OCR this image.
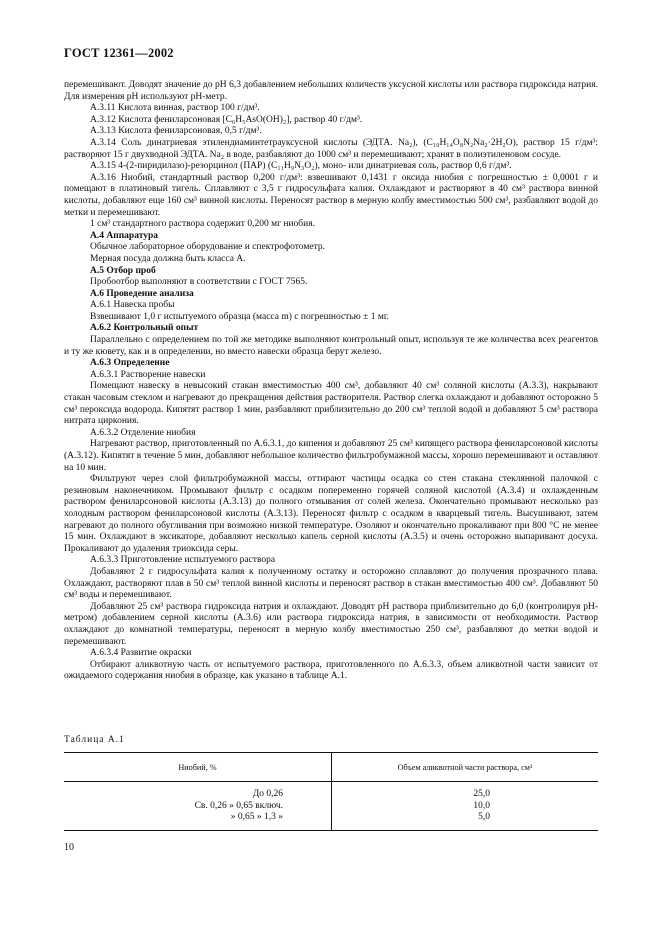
ГОСТ 12361—2002

перемешивают. Доводят значение до pH 6,3 добавлением небольших количеств уксусной кислоты или раствора гидроксида натрия. Для измерения pH используют pH-метр.

А.3.11 Кислота винная, раствор 100 г/дм³.

А.3.12 Кислота фениларсоновая [C₆H₅AsO(OH)₂], раствор 40 г/дм³.

А.3.13 Кислота фениларсоновая, 0,5 г/дм³.

А.3.14 Соль динатриевая этилендиаминтетрауксусной кислоты (ЭДТА. Na₂), (C₁₀H₁₄O₈N₂Na₂·2H₂O), раствор 15 г/дм³: растворяют 15 г двухводной ЭДТА. Na₂ в воде, разбавляют до 1000 см³ и перемешивают; хранят в полиэтиленовом сосуде.

А.3.15 4-(2-пиридилазо)-резорцинол (ПАР) (C₁₁H₉N₃O₂), моно- или динатриевая соль, раствор 0,6 г/дм³.

А.3.16 Ниобий, стандартный раствор 0,200 г/дм³: взвешивают 0,1431 г оксида ниобия с погрешностью ± 0,0001 г и помещают в платиновый тигель. Сплавляют с 3,5 г гидросульфата калия. Охлаждают и растворяют в 40 см³ раствора винной кислоты, добавляют еще 160 см³ винной кислоты. Переносят раствор в мерную колбу вместимостью 500 см³, разбавляют водой до метки и перемешивают.

1 см³ стандартного раствора содержит 0,200 мг ниобия.

А.4 Аппаратура

Обычное лабораторное оборудование и спектрофотометр.

Мерная посуда должна быть класса А.

А.5 Отбор проб

Пробоотбор выполняют в соответствии с ГОСТ 7565.

А.6 Проведение анализа

А.6.1 Навеска пробы

Взвешивают 1,0 г испытуемого образца (масса m) с погрешностью ± 1 мг.

А.6.2 Контрольный опыт

Параллельно с определением по той же методике выполняют контрольный опыт, используя те же количества всех реагентов и ту же кювету, как и в определении, но вместо навески образца берут железо.

А.6.3 Определение

А.6.3.1 Растворение навески

Помещают навеску в невысокий стакан вместимостью 400 см³, добавляют 40 см³ соляной кислоты (А.3.3), накрывают стакан часовым стеклом и нагревают до прекращения действия растворителя. Раствор слегка охлаждают и добавляют осторожно 5 см³ пероксида водорода. Кипятят раствор 1 мин, разбавляют приблизительно до 200 см³ теплой водой и добавляют 5 см³ раствора нитрата циркония.

А.6.3.2 Отделение ниобия

Нагревают раствор, приготовленный по А.6.3.1, до кипения и добавляют 25 см³ кипящего раствора фениларсоновой кислоты (А.3.12). Кипятят в течение 5 мин, добавляют небольшое количество фильтробумажной массы, хорошо перемешивают и оставляют на 10 мин.

Фильтруют через слой фильтробумажной массы, оттирают частицы осадка со стен стакана стеклянной палочкой с резиновым наконечником. Промывают фильтр с осадком попеременно горячей соляной кислотой (А.3.4) и охлажденным раствором фениларсоновой кислоты (А.3.13) до полного отмывания от солей железа. Окончательно промывают несколько раз холодным раствором фениларсоновой кислоты (А.3.13). Переносят фильтр с осадком в кварцевый тигель. Высушивают, затем нагревают до полного обугливания при возможно низкой температуре. Озоляют и окончательно прокаливают при 800 °С не менее 15 мин. Охлаждают в эксикаторе, добавляют несколько капель серной кислоты (А.3.5) и очень осторожно выпаривают досуха. Прокаливают до удаления триоксида серы.

А.6.3.3 Приготовление испытуемого раствора

Добавляют 2 г гидросульфата калия к полученному остатку и осторожно сплавляют до получения прозрачного плава. Охлаждают, растворяют плав в 50 см³ теплой винной кислоты и переносят раствор в стакан вместимостью 400 см³. Добавляют 50 см³ воды и перемешивают.

Добавляют 25 см³ раствора гидроксида натрия и охлаждают. Доводят pH раствора приблизительно до 6,0 (контролируя pH-метром) добавлением серной кислоты (А.3.6) или раствора гидроксида натрия, в зависимости от необходимости. Раствор охлаждают до комнатной температуры, переносят в мерную колбу вместимостью 250 см³, разбавляют до метки водой и перемешивают.

А.6.3.4 Развитие окраски

Отбирают аликвотную часть от испытуемого раствора, приготовленного по А.6.3.3, объем аликвотной части зависит от ожидаемого содержания ниобия в образце, как указано в таблице А.1.

Таблица А.1
Ниобий, %	Объем аликвотной части раствора, см³
До 0,26	25,0
Св. 0,26 » 0,65 включ.	10,0
» 0,65 » 1,3 »	5,0
10
